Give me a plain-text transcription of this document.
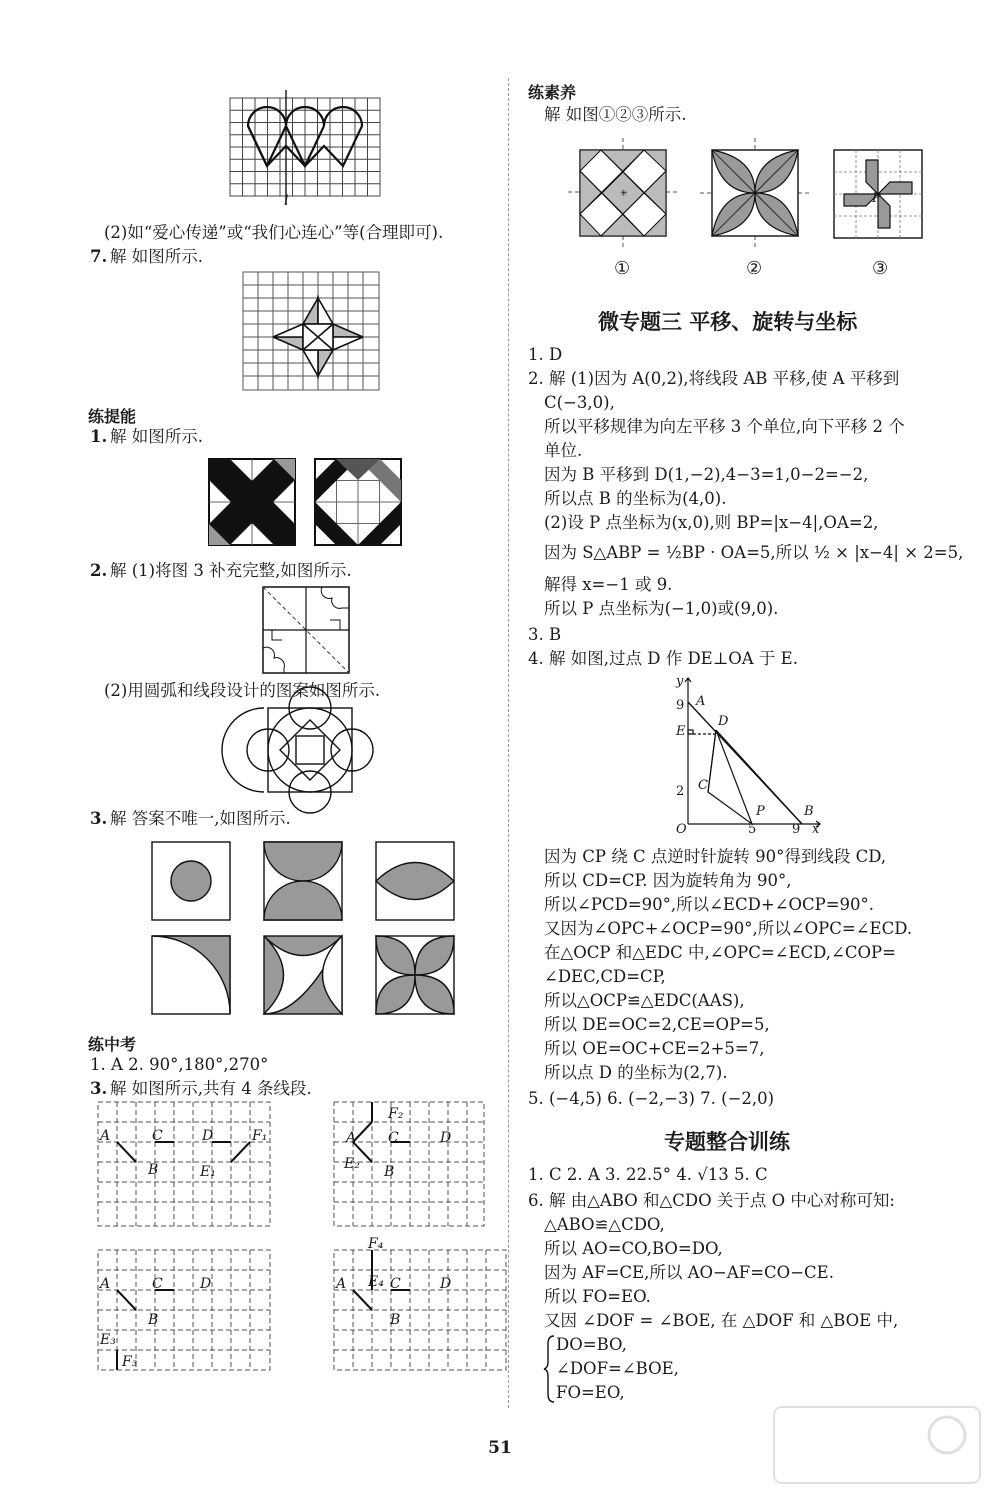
l
(2)如“爱心传递”或“我们心连心”等(合理即可).
7. 解 如图所示.
练提能
1. 解 如图所示.
2. 解 (1)将图 3 补充完整,如图所示.
(2)用圆弧和线段设计的图案如图所示.
3. 解 答案不唯一,如图所示.
练中考
1. A 2. 90°,180°,270°
3. 解 如图所示,共有 4 条线段.
A	C	D	F₁
B	E₁
F₂
A C	D
E₂ B
A	C	D
B
E₃
F₃
F₄
A E₄ C	D
B
练素养
解 如图①②③所示.
✳	P
①	②	③
微专题三 平移、旋转与坐标
1. D
2. 解 (1)因为 A(0,2),将线段 AB 平移,使 A 平移到
C(−3,0),
所以平移规律为向左平移 3 个单位,向下平移 2 个
单位.
因为 B 平移到 D(1,−2),4−3=1,0−2=−2,
所以点 B 的坐标为(4,0).
(2)设 P 点坐标为(x,0),则 BP=|x−4|,OA=2,
因为 S△ABP = ½BP · OA=5,所以 ½ × |x−4| × 2=5,
解得 x=−1 或 9.
所以 P 点坐标为(−1,0)或(9,0).
3. B
4. 解 如图,过点 D 作 DE⊥OA 于 E.
y
A
9
D
E
C
2
O	5
P	B
9 x
因为 CP 绕 C 点逆时针旋转 90°得到线段 CD,
所以 CD=CP. 因为旋转角为 90°,
所以∠PCD=90°,所以∠ECD+∠OCP=90°.
又因为∠OPC+∠OCP=90°,所以∠OPC=∠ECD.
在△OCP 和△EDC 中,∠OPC=∠ECD,∠COP=
∠DEC,CD=CP,
所以△OCP≌△EDC(AAS),
所以 DE=OC=2,CE=OP=5,
所以 OE=OC+CE=2+5=7,
所以点 D 的坐标为(2,7).
5. (−4,5) 6. (−2,−3) 7. (−2,0)
专题整合训练
1. C 2. A 3. 22.5° 4. √13 5. C
6. 解 由△ABO 和△CDO 关于点 O 中心对称可知:
△ABO≌△CDO,
所以 AO=CO,BO=DO,
因为 AF=CE,所以 AO−AF=CO−CE.
所以 FO=EO.
又因 ∠DOF = ∠BOE, 在 △DOF 和 △BOE 中,
DO=BO,
∠DOF=∠BOE,
FO=EO,
51
